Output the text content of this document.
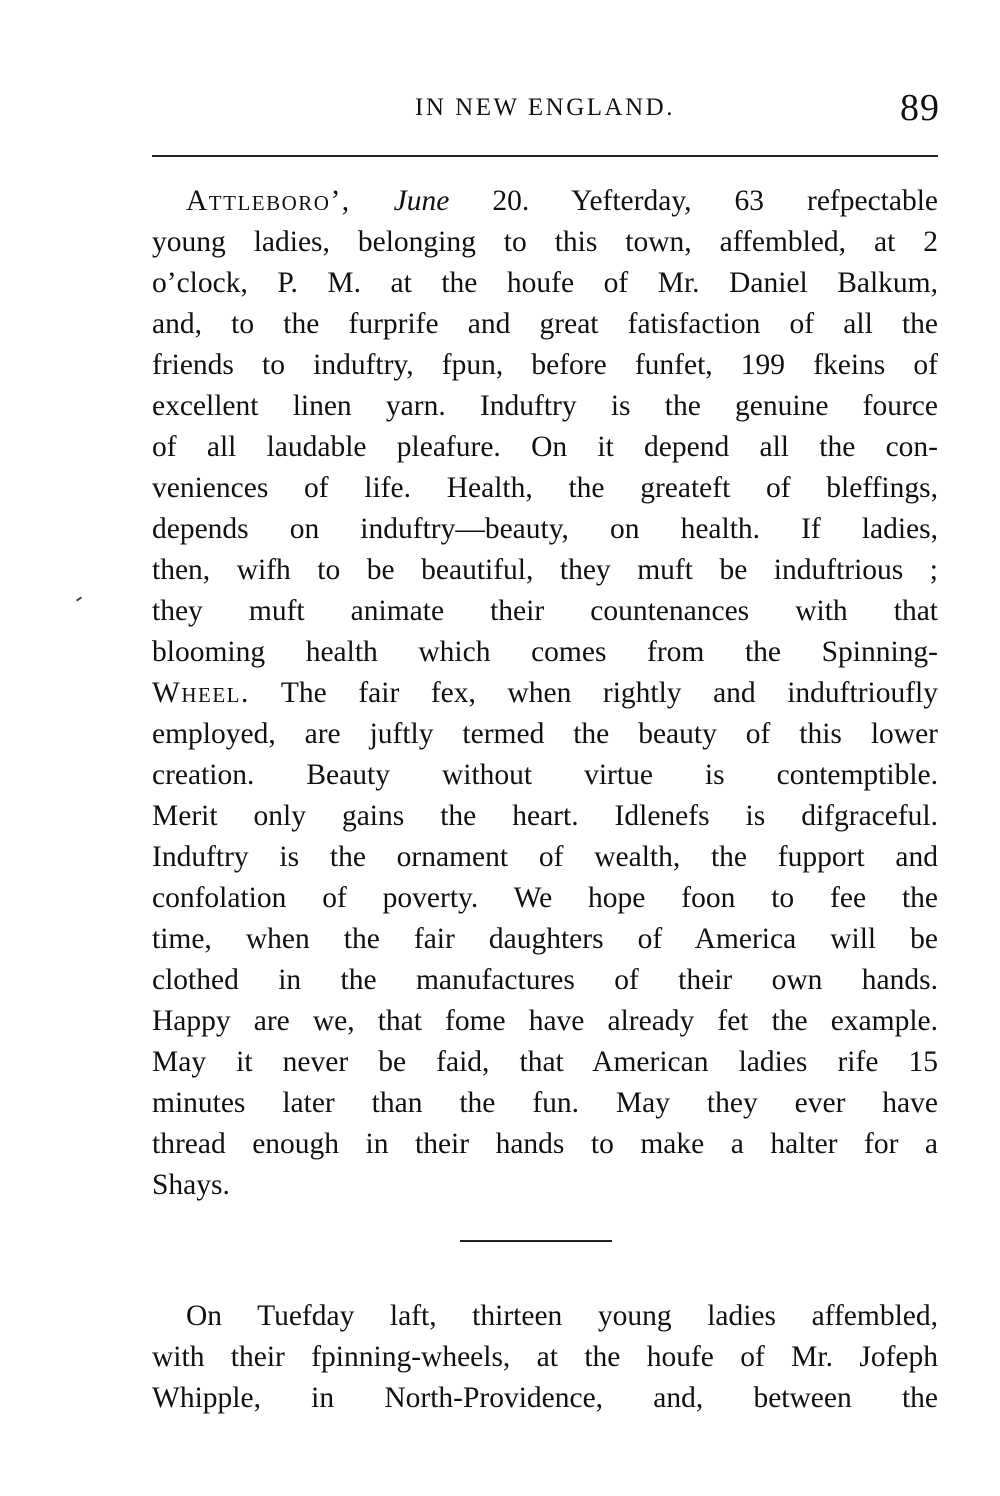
IN NEW ENGLAND.	89
Attleboro’, June 20. Yefterday, 63 refpectable
young ladies, belonging to this town, affembled, at 2
o’clock, P. M. at the houfe of Mr. Daniel Balkum,
and, to the furprife and great fatisfaction of all the
friends to induftry, fpun, before funfet, 199 fkeins of
excellent linen yarn. Induftry is the genuine fource
of all laudable pleafure. On it depend all the con-
veniences of life. Health, the greateft of bleffings,
depends on induftry—beauty, on health. If ladies,
then, wifh to be beautiful, they muft be induftrious ;
they muft animate their countenances with that
blooming health which comes from the Spinning-
Wheel. The fair fex, when rightly and induftrioufly
employed, are juftly termed the beauty of this lower
creation. Beauty without virtue is contemptible.
Merit only gains the heart. Idlenefs is difgraceful.
Induftry is the ornament of wealth, the fupport and
confolation of poverty. We hope foon to fee the
time, when the fair daughters of America will be
clothed in the manufactures of their own hands.
Happy are we, that fome have already fet the example.
May it never be faid, that American ladies rife 15
minutes later than the fun. May they ever have
thread enough in their hands to make a halter for a
Shays.
On Tuefday laft, thirteen young ladies affembled,
with their fpinning-wheels, at the houfe of Mr. Jofeph
Whipple, in North-Providence, and, between the
